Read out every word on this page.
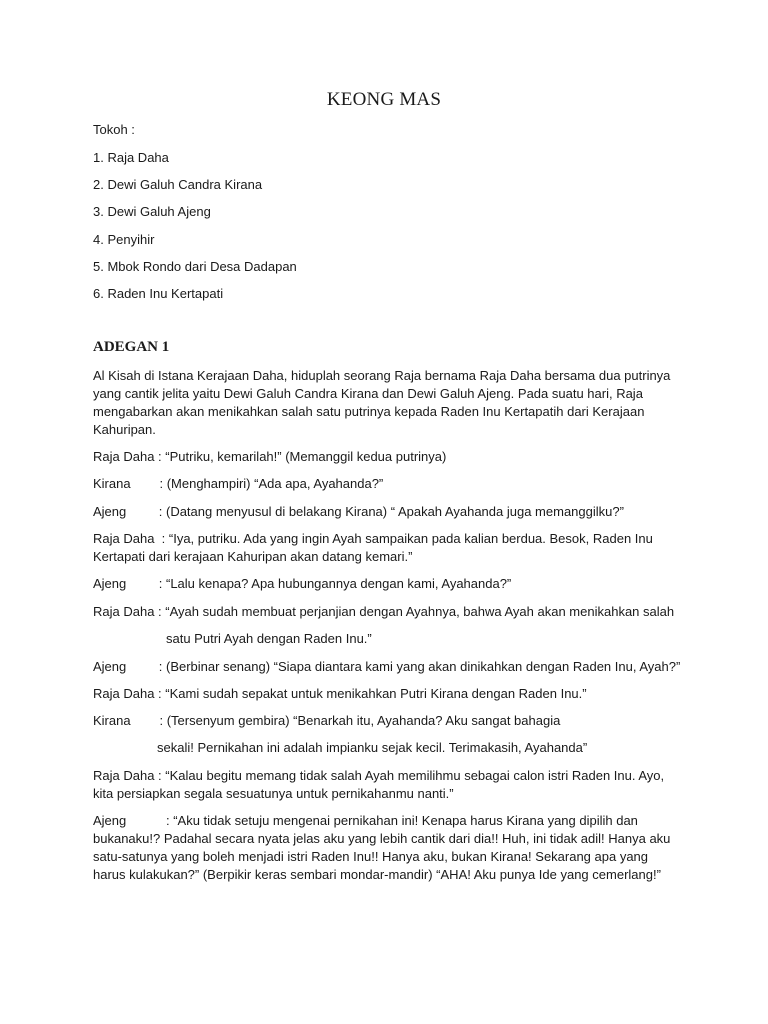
KEONG MAS
Tokoh :
1. Raja Daha
2. Dewi Galuh Candra Kirana
3. Dewi Galuh Ajeng
4. Penyihir
5. Mbok Rondo dari Desa Dadapan
6. Raden Inu Kertapati
ADEGAN 1
Al Kisah di Istana Kerajaan Daha, hiduplah seorang Raja bernama Raja Daha bersama dua putrinya yang cantik jelita yaitu Dewi Galuh Candra Kirana dan Dewi Galuh Ajeng. Pada suatu hari, Raja mengabarkan akan menikahkan salah satu putrinya kepada Raden Inu Kertapatih dari Kerajaan Kahuripan.
Raja Daha : “Putriku, kemarilah!” (Memanggil kedua putrinya)
Kirana        : (Menghampiri) “Ada apa, Ayahanda?”
Ajeng         : (Datang menyusul di belakang Kirana) “ Apakah Ayahanda juga memanggilku?”
Raja Daha  : “Iya, putriku. Ada yang ingin Ayah sampaikan pada kalian berdua. Besok, Raden Inu Kertapati dari kerajaan Kahuripan akan datang kemari.”
Ajeng         : “Lalu kenapa? Apa hubungannya dengan kami, Ayahanda?”
Raja Daha : “Ayah sudah membuat perjanjian dengan Ayahnya, bahwa Ayah akan menikahkan salah
satu Putri Ayah dengan Raden Inu.”
Ajeng         : (Berbinar senang) “Siapa diantara kami yang akan dinikahkan dengan Raden Inu, Ayah?”
Raja Daha : “Kami sudah sepakat untuk menikahkan Putri Kirana dengan Raden Inu.”
Kirana        : (Tersenyum gembira) “Benarkah itu, Ayahanda? Aku sangat bahagia
sekali! Pernikahan ini adalah impianku sejak kecil. Terimakasih, Ayahanda”
Raja Daha : “Kalau begitu memang tidak salah Ayah memilihmu sebagai calon istri Raden Inu. Ayo, kita persiapkan segala sesuatunya untuk pernikahanmu nanti.”
Ajeng           : “Aku tidak setuju mengenai pernikahan ini! Kenapa harus Kirana yang dipilih dan bukanaku!? Padahal secara nyata jelas aku yang lebih cantik dari dia!! Huh, ini tidak adil! Hanya aku satu-satunya yang boleh menjadi istri Raden Inu!! Hanya aku, bukan Kirana! Sekarang apa yang harus kulakukan?” (Berpikir keras sembari mondar-mandir) “AHA! Aku punya Ide yang cemerlang!”
